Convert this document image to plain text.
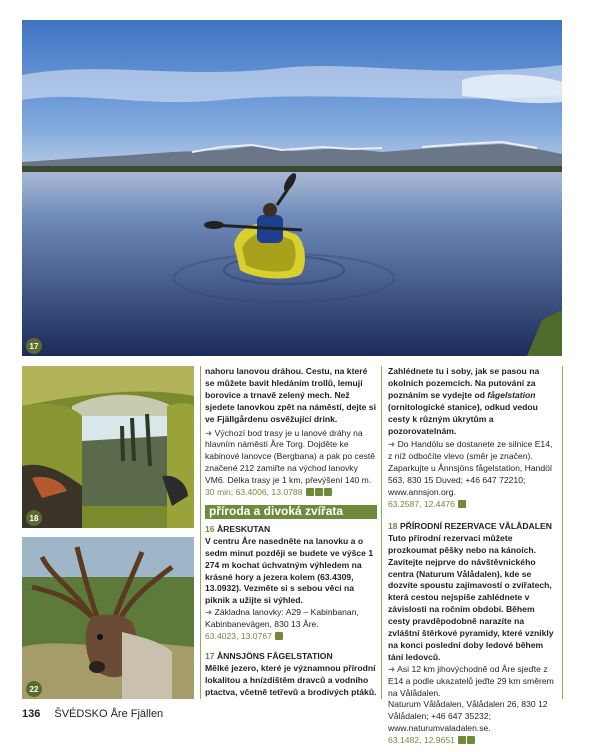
17
18
22

nahoru lanovou dráhou. Cestu, na které se můžete bavit hledáním trollů, lemují borovice a trnavě zelený mech. Než sjedete lanovkou zpět na náměstí, dejte si ve Fjällgårdenu osvěžující drink.

➜ Výchozí bod trasy je u lanové dráhy na hlavním náměstí Åre Torg. Dojděte ke kabinové lanovce (Bergbana) a pak po cestě značené 212 zamiřte na východ lanovky VM6. Délka trasy je 1 km, převýšení 140 m.

30 min; 63.4006, 13.0788

příroda a divoká zvířata

16 ÅRESKUTAN

V centru Åre nasedněte na lanovku a o sedm minut později se budete ve výšce 1 274 m kochat úchvatným výhledem na krásné hory a jezera kolem (63.4309, 13.0932). Vezměte si s sebou věci na piknik a užijte si výhled.

➜ Základna lanovky: A29 – Kabinbanan, Kabinbanevägen, 830 13 Åre.

63.4023, 13.0767

17 ÅNNSJÖNS FÅGELSTATION

Mělké jezero, které je významnou přírodní lokalitou a hnízdištěm dravců a vodního ptactva, včetně tetřevů a brodivých ptáků.

Zahlédnete tu i soby, jak se pasou na okolních pozemcích. Na putování za poznáním se vydejte od fågelstation (ornitologické stanice), odkud vedou cesty k různým úkrytům a pozorovatelnám.

➜ Do Handölu se dostanete ze silnice E14, z níž odbočíte vlevo (směr je značen). Zaparkujte u Ånnsjöns fågelstation, Handöl 563, 830 15 Duved; +46 647 72210; www.annsjon.org.

63.2587, 12.4476

18 PŘÍRODNÍ REZERVACE VÅLÅDALEN

Tuto přírodní rezervaci můžete prozkoumat pěšky nebo na kánoích. Zavítejte nejprve do návštěvnického centra (Naturum Vålådalen), kde se dozvíte spoustu zajímavostí o zvířatech, která cestou nejspíše zahlédnete v závislosti na ročním období. Během cesty pravděpodobně narazíte na zvláštní štěrkové pyramidy, které vznikly na konci poslední doby ledové během tání ledovců.

➜ Asi 12 km jihovýchodně od Åre sjeďte z E14 a podle ukazatelů jeďte 29 km směrem na Vålådalen.

Naturum Vålådalen, Vålådalen 26, 830 12 Vålådalen; +46 647 35232; www.naturumvaladalen.se.

63.1482, 12.9651

136 ŠVÉDSKO Åre Fjällen
